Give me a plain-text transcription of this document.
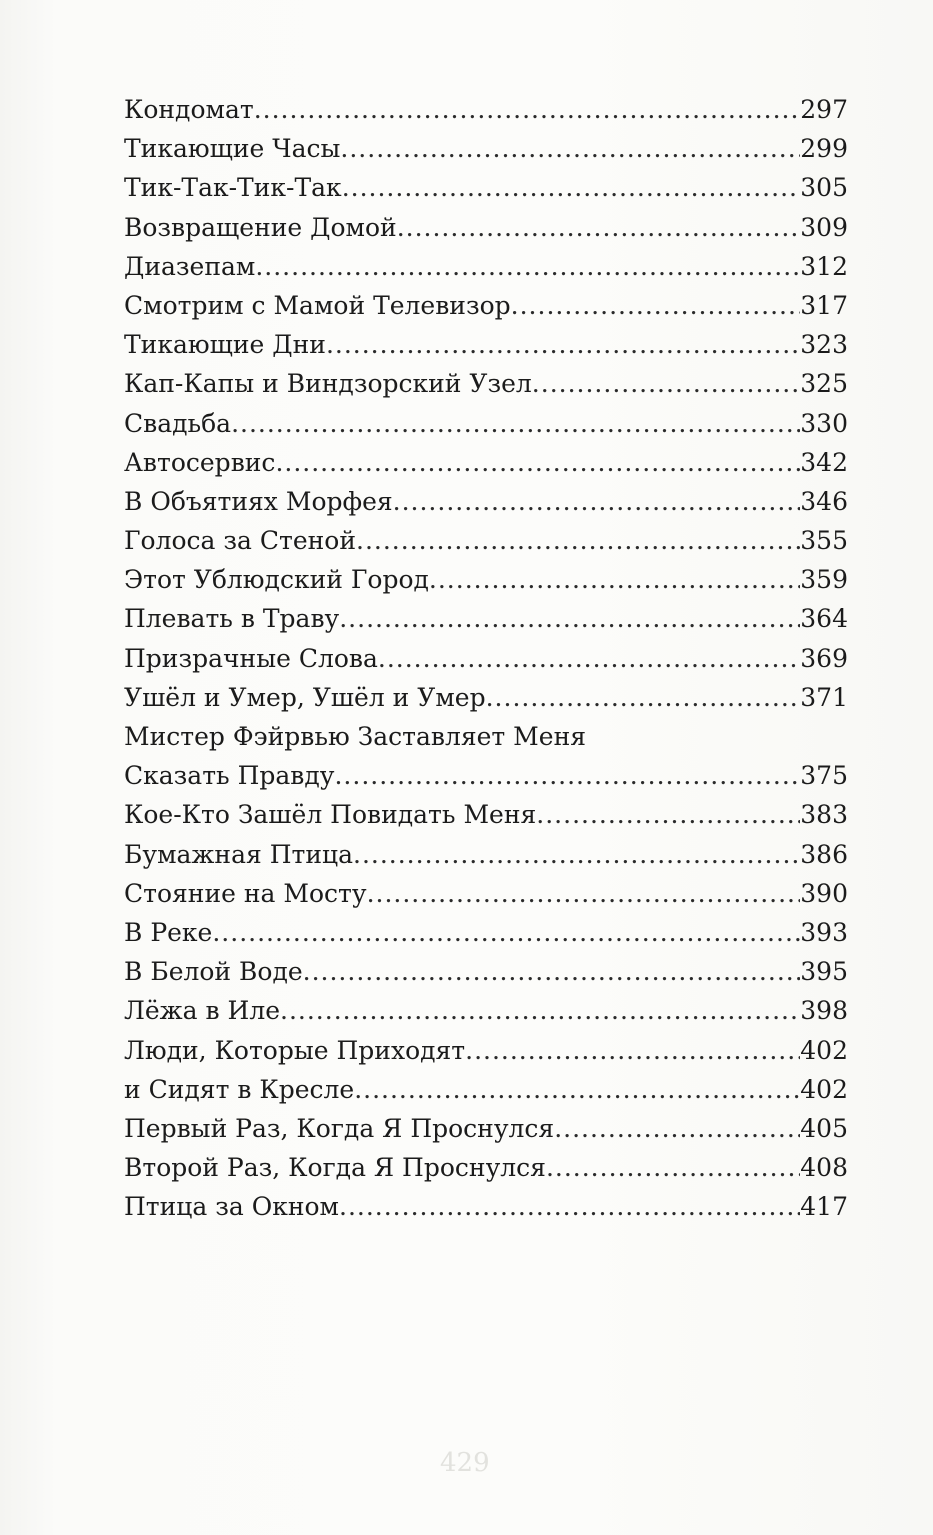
Кондомат .....	297
Тикающие Часы .....	299
Тик-Так-Тик-Так .....	305
Возвращение Домой .....	309
Диазепам .....	312
Смотрим с Мамой Телевизор .....	317
Тикающие Дни .....	323
Кап-Капы и Виндзорский Узел .....	325
Свадьба .....	330
Автосервис .....	342
В Объятиях Морфея .....	346
Голоса за Стеной .....	355
Этот Ублюдский Город .....	359
Плевать в Траву .....	364
Призрачные Слова .....	369
Ушёл и Умер, Ушёл и Умер .....	371
Мистер Фэйрвью Заставляет Меня
Сказать Правду .....	375
Кое-Кто Зашёл Повидать Меня .....	383
Бумажная Птица .....	386
Стояние на Мосту .....	390
В Реке .....	393
В Белой Воде .....	395
Лёжа в Иле .....	398
Люди, Которые Приходят .....	402
и Сидят в Кресле .....	402
Первый Раз, Когда Я Проснулся .....	405
Второй Раз, Когда Я Проснулся .....	408
Птица за Окном .....	417
429
